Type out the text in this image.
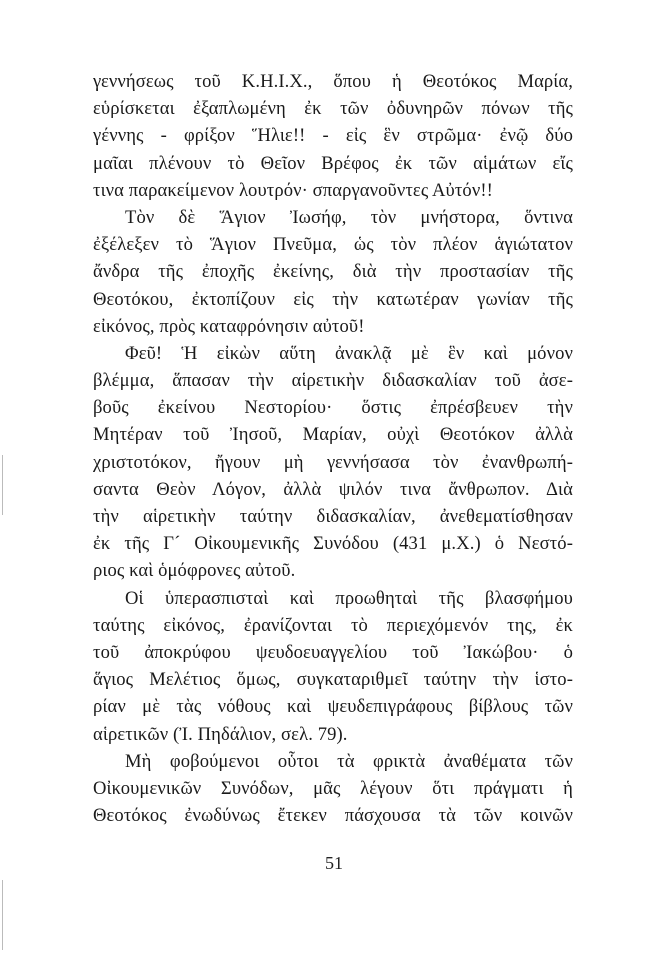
γεννήσεως τοῦ Κ.Η.Ι.Χ., ὅπου ἡ Θεοτόκος Μαρία,
εὑρίσκεται ἐξαπλωμένη ἐκ τῶν ὀδυνηρῶν πόνων τῆς
γέννης - φρίξον Ἥλιε!! - εἰς ἓν στρῶμα· ἐνῷ δύο
μαῖαι πλένουν τὸ Θεῖον Βρέφος ἐκ τῶν αἱμάτων εἴς
τινα παρακείμενον λουτρόν· σπαργανοῦντες Αὐτόν!!
Τὸν δὲ Ἅγιον Ἰωσήφ, τὸν μνήστορα, ὅντινα
ἐξέλεξεν τὸ Ἅγιον Πνεῦμα, ὡς τὸν πλέον ἁγιώτατον
ἄνδρα τῆς ἐποχῆς ἐκείνης, διὰ τὴν προστασίαν τῆς
Θεοτόκου, ἐκτοπίζουν εἰς τὴν κατωτέραν γωνίαν τῆς
εἰκόνος, πρὸς καταφρόνησιν αὐτοῦ!
Φεῦ! Ἡ εἰκὼν αὕτη ἀνακλᾷ μὲ ἓν καὶ μόνον
βλέμμα, ἅπασαν τὴν αἱρετικὴν διδασκαλίαν τοῦ ἀσε-
βοῦς ἐκείνου Νεστορίου· ὅστις ἐπρέσβευεν τὴν
Μητέραν τοῦ Ἰησοῦ, Μαρίαν, οὐχὶ Θεοτόκον ἀλλὰ
χριστοτόκον, ἤγουν μὴ γεννήσασα τὸν ἐνανθρωπή-
σαντα Θεὸν Λόγον, ἀλλὰ ψιλόν τινα ἄνθρωπον. Διὰ
τὴν αἱρετικὴν ταύτην διδασκαλίαν, ἀνεθεματίσθησαν
ἐκ τῆς Γ´ Οἰκουμενικῆς Συνόδου (431 μ.Χ.) ὁ Νεστό-
ριος καὶ ὁμόφρονες αὐτοῦ.
Οἱ ὑπερασπισταὶ καὶ προωθηταὶ τῆς βλασφήμου
ταύτης εἰκόνος, ἐρανίζονται τὸ περιεχόμενόν της, ἐκ
τοῦ ἀποκρύφου ψευδοευαγγελίου τοῦ Ἰακώβου· ὁ
ἅγιος Μελέτιος ὅμως, συγκαταριθμεῖ ταύτην τὴν ἱστο-
ρίαν μὲ τὰς νόθους καὶ ψευδεπιγράφους βίβλους τῶν
αἱρετικῶν (Ἰ. Πηδάλιον, σελ. 79).
Μὴ φοβούμενοι οὗτοι τὰ φρικτὰ ἀναθέματα τῶν
Οἰκουμενικῶν Συνόδων, μᾶς λέγουν ὅτι πράγματι ἡ
Θεοτόκος ἐνωδύνως ἔτεκεν πάσχουσα τὰ τῶν κοινῶν
51
